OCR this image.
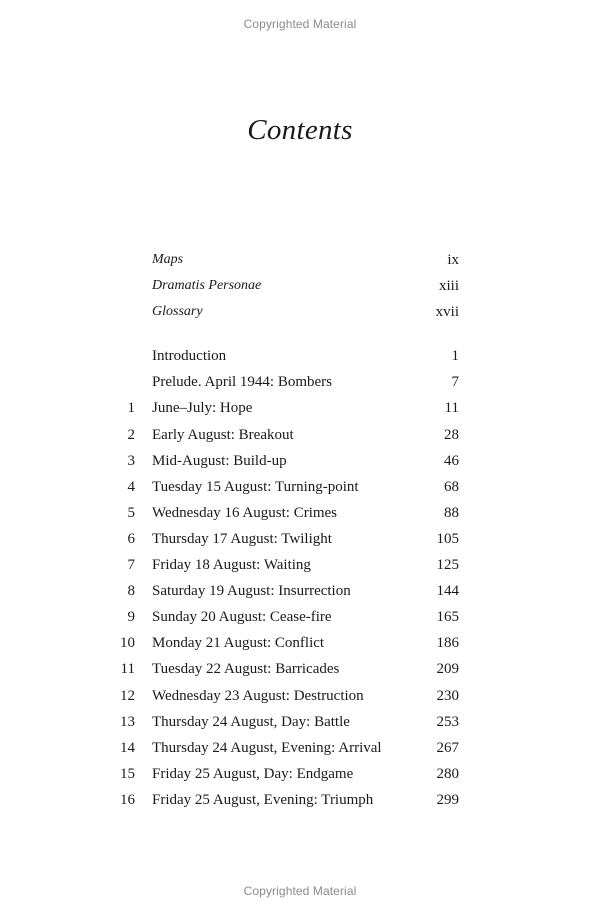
Copyrighted Material
Contents
Maps	ix
Dramatis Personae	xiii
Glossary	xvii
Introduction	1
Prelude. April 1944: Bombers	7
1 June–July: Hope	11
2 Early August: Breakout	28
3 Mid-August: Build-up	46
4 Tuesday 15 August: Turning-point	68
5 Wednesday 16 August: Crimes	88
6 Thursday 17 August: Twilight	105
7 Friday 18 August: Waiting	125
8 Saturday 19 August: Insurrection	144
9 Sunday 20 August: Cease-fire	165
10 Monday 21 August: Conflict	186
11 Tuesday 22 August: Barricades	209
12 Wednesday 23 August: Destruction	230
13 Thursday 24 August, Day: Battle	253
14 Thursday 24 August, Evening: Arrival	267
15 Friday 25 August, Day: Endgame	280
16 Friday 25 August, Evening: Triumph	299
Copyrighted Material
